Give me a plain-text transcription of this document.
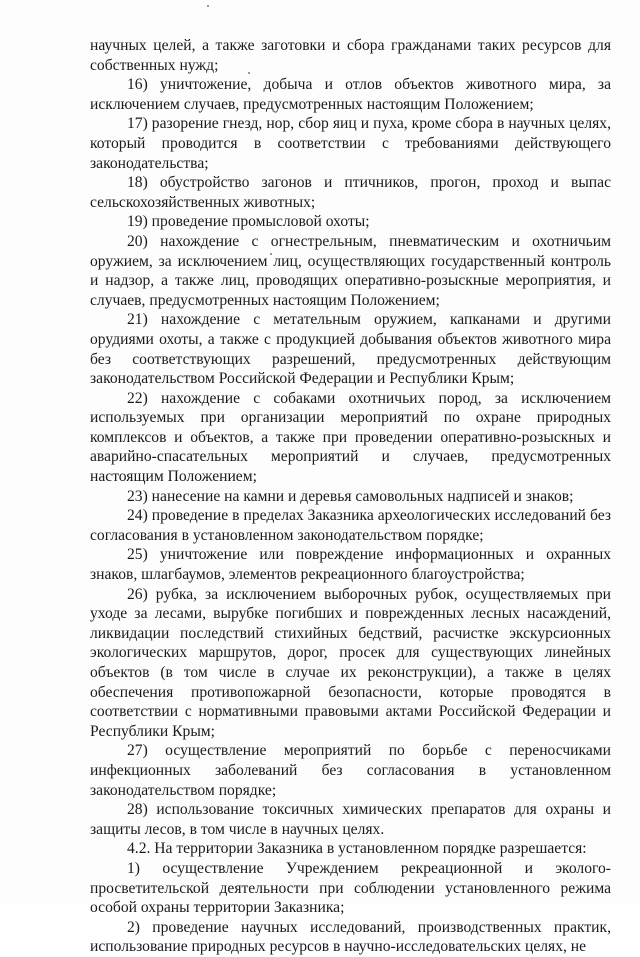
научных целей, а также заготовки и сбора гражданами таких ресурсов для собственных нужд;

16) уничтожение, добыча и отлов объектов животного мира, за исключением случаев, предусмотренных настоящим Положением;

17) разорение гнезд, нор, сбор яиц и пуха, кроме сбора в научных целях, который проводится в соответствии с требованиями действующего законодательства;

18) обустройство загонов и птичников, прогон, проход и выпас сельскохозяйственных животных;

19) проведение промысловой охоты;

20) нахождение с огнестрельным, пневматическим и охотничьим оружием, за исключением лиц, осуществляющих государственный контроль и надзор, а также лиц, проводящих оперативно-розыскные мероприятия, и случаев, предусмотренных настоящим Положением;

21) нахождение с метательным оружием, капканами и другими орудиями охоты, а также с продукцией добывания объектов животного мира без соответствующих разрешений, предусмотренных действующим законодательством Российской Федерации и Республики Крым;

22) нахождение с собаками охотничьих пород, за исключением используемых при организации мероприятий по охране природных комплексов и объектов, а также при проведении оперативно-розыскных и аварийно-спасательных мероприятий и случаев, предусмотренных настоящим Положением;

23) нанесение на камни и деревья самовольных надписей и знаков;

24) проведение в пределах Заказника археологических исследований без согласования в установленном законодательством порядке;

25) уничтожение или повреждение информационных и охранных знаков, шлагбаумов, элементов рекреационного благоустройства;

26) рубка, за исключением выборочных рубок, осуществляемых при уходе за лесами, вырубке погибших и поврежденных лесных насаждений, ликвидации последствий стихийных бедствий, расчистке экскурсионных экологических маршрутов, дорог, просек для существующих линейных объектов (в том числе в случае их реконструкции), а также в целях обеспечения противопожарной безопасности, которые проводятся в соответствии с нормативными правовыми актами Российской Федерации и Республики Крым;

27) осуществление мероприятий по борьбе с переносчиками инфекционных заболеваний без согласования в установленном законодательством порядке;

28) использование токсичных химических препаратов для охраны и защиты лесов, в том числе в научных целях.

4.2. На территории Заказника в установленном порядке разрешается:

1) осуществление Учреждением рекреационной и эколого-просветительской деятельности при соблюдении установленного режима особой охраны территории Заказника;

2) проведение научных исследований, производственных практик, использование природных ресурсов в научно-исследовательских целях, не
